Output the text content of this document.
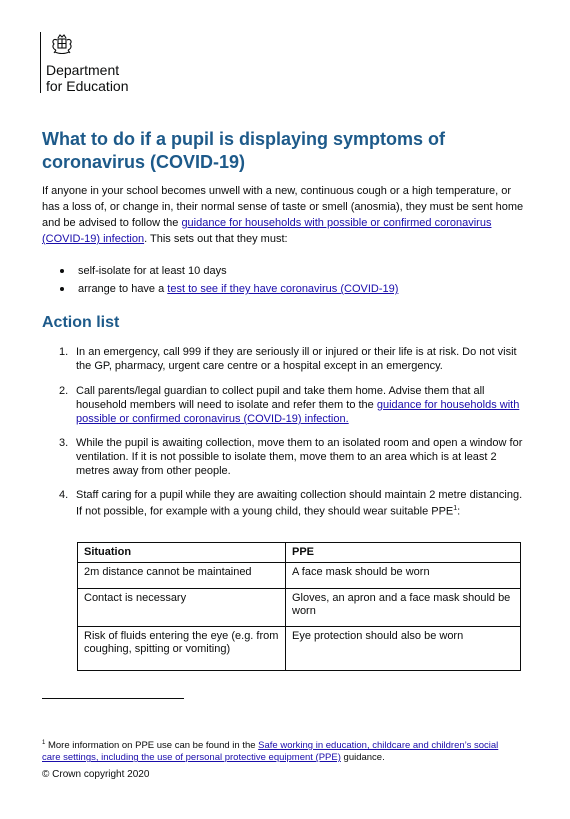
Department
for Education
What to do if a pupil is displaying symptoms of coronavirus (COVID-19)

If anyone in your school becomes unwell with a new, continuous cough or a high temperature, or has a loss of, or change in, their normal sense of taste or smell (anosmia), they must be sent home and be advised to follow the guidance for households with possible or confirmed coronavirus (COVID-19) infection. This sets out that they must:

self-isolate for at least 10 days
arrange to have a test to see if they have coronavirus (COVID-19)
Action list
1. In an emergency, call 999 if they are seriously ill or injured or their life is at risk. Do not visit the GP, pharmacy, urgent care centre or a hospital except in an emergency.
2. Call parents/legal guardian to collect pupil and take them home. Advise them that all household members will need to isolate and refer them to the guidance for households with possible or confirmed coronavirus (COVID-19) infection.
3. While the pupil is awaiting collection, move them to an isolated room and open a window for ventilation. If it is not possible to isolate them, move them to an area which is at least 2 metres away from other people.
4. Staff caring for a pupil while they are awaiting collection should maintain 2 metre distancing. If not possible, for example with a young child, they should wear suitable PPE$^1$:
Situation	PPE
2m distance cannot be maintained	A face mask should be worn
Contact is necessary	Gloves, an apron and a face mask should be worn
Risk of fluids entering the eye (e.g. from coughing, spitting or vomiting)	Eye protection should also be worn
$^1$ More information on PPE use can be found in the Safe working in education, childcare and children’s social care settings, including the use of personal protective equipment (PPE) guidance.
© Crown copyright 2020
